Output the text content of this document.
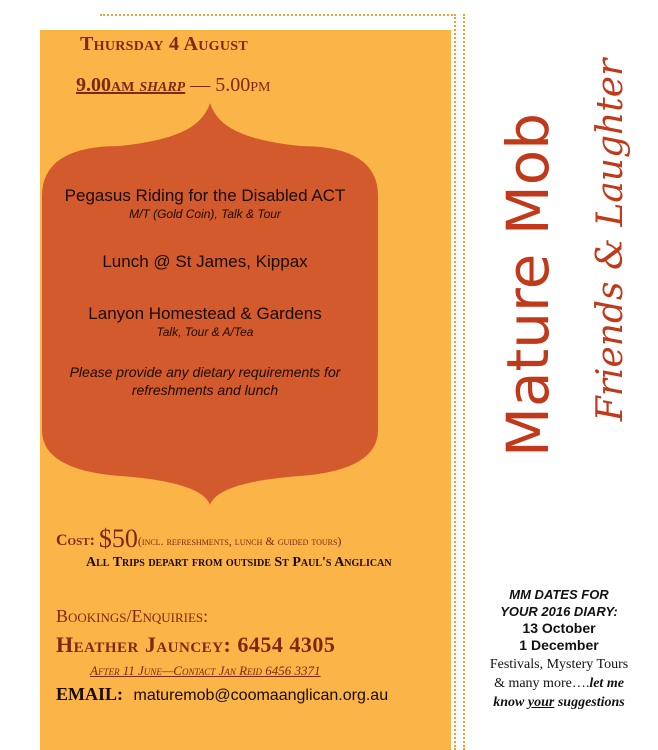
Thursday 4 August
9.00am sharp — 5.00pm

Pegasus Riding for the Disabled ACT

M/T (Gold Coin), Talk & Tour

Lunch @ St James, Kippax

Lanyon Homestead & Gardens

Talk, Tour & A/Tea

Please provide any dietary requirements for refreshments and lunch
Cost: $50(incl. refreshments, lunch & guided tours)
All Trips depart from outside St Paul's Anglican
Bookings/Enquiries:
Heather Jauncey: 6454 4305
After 11 June—Contact Jan Reid 6456 3371
EMAIL: maturemob@coomaanglican.org.au
Mature Mob Friends & Laughter
MM DATES FOR
YOUR 2016 DIARY:
13 October
1 December
Festivals, Mystery Tours
& many more….let me
know your suggestions
